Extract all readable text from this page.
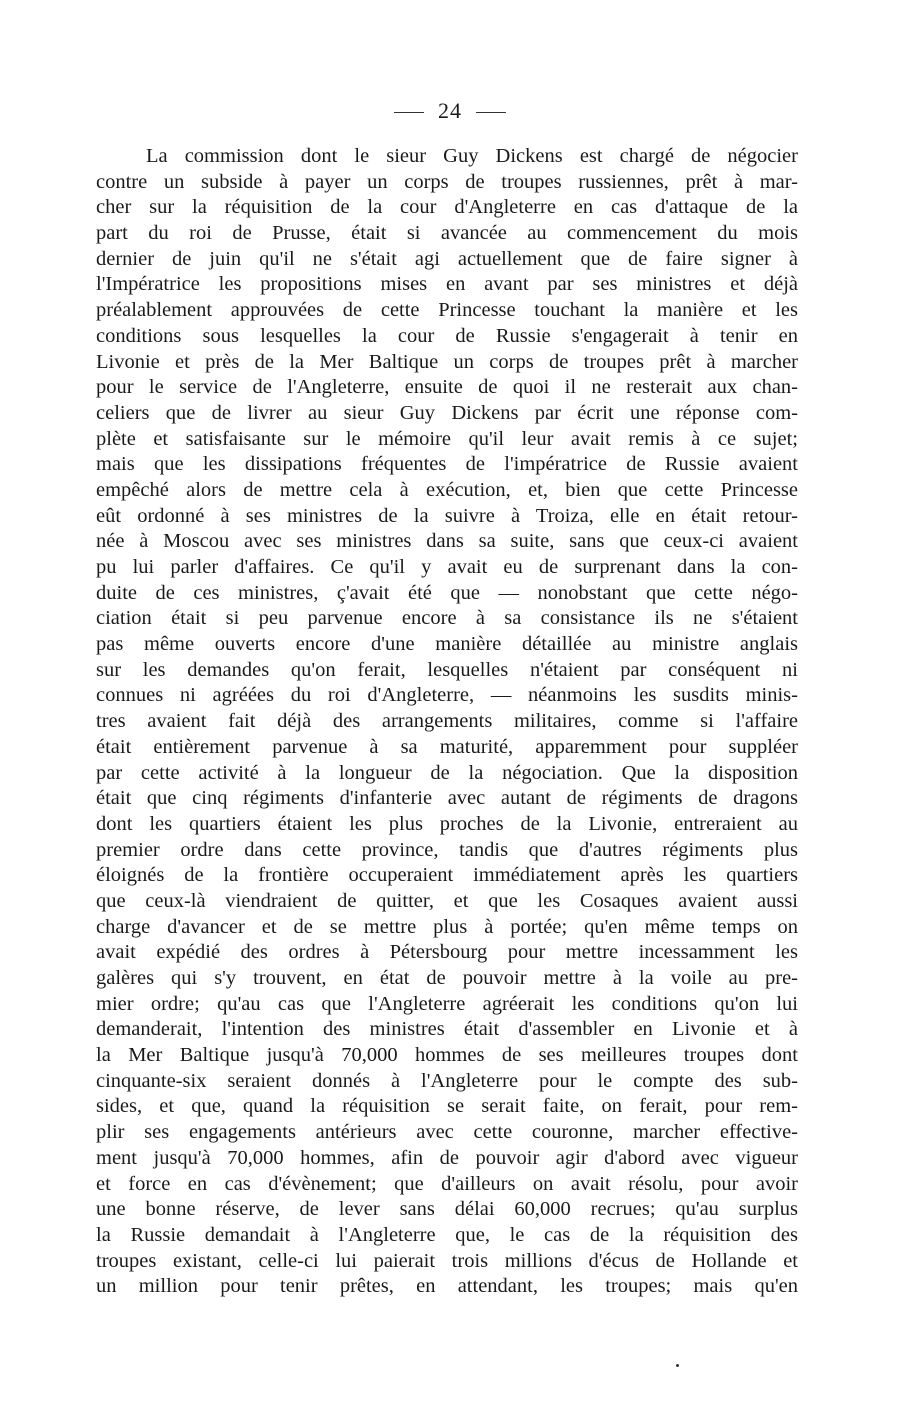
24
La commission dont le sieur Guy Dickens est chargé de négocier
contre un subside à payer un corps de troupes russiennes, prêt à mar-
cher sur la réquisition de la cour d'Angleterre en cas d'attaque de la
part du roi de Prusse, était si avancée au commencement du mois
dernier de juin qu'il ne s'était agi actuellement que de faire signer à
l'Impératrice les propositions mises en avant par ses ministres et déjà
préalablement approuvées de cette Princesse touchant la manière et les
conditions sous lesquelles la cour de Russie s'engagerait à tenir en
Livonie et près de la Mer Baltique un corps de troupes prêt à marcher
pour le service de l'Angleterre, ensuite de quoi il ne resterait aux chan-
celiers que de livrer au sieur Guy Dickens par écrit une réponse com-
plète et satisfaisante sur le mémoire qu'il leur avait remis à ce sujet;
mais que les dissipations fréquentes de l'impératrice de Russie avaient
empêché alors de mettre cela à exécution, et, bien que cette Princesse
eût ordonné à ses ministres de la suivre à Troiza, elle en était retour-
née à Moscou avec ses ministres dans sa suite, sans que ceux-ci avaient
pu lui parler d'affaires. Ce qu'il y avait eu de surprenant dans la con-
duite de ces ministres, ç'avait été que — nonobstant que cette négo-
ciation était si peu parvenue encore à sa consistance ils ne s'étaient
pas même ouverts encore d'une manière détaillée au ministre anglais
sur les demandes qu'on ferait, lesquelles n'étaient par conséquent ni
connues ni agréées du roi d'Angleterre, — néanmoins les susdits minis-
tres avaient fait déjà des arrangements militaires, comme si l'affaire
était entièrement parvenue à sa maturité, apparemment pour suppléer
par cette activité à la longueur de la négociation. Que la disposition
était que cinq régiments d'infanterie avec autant de régiments de dragons
dont les quartiers étaient les plus proches de la Livonie, entreraient au
premier ordre dans cette province, tandis que d'autres régiments plus
éloignés de la frontière occuperaient immédiatement après les quartiers
que ceux-là viendraient de quitter, et que les Cosaques avaient aussi
charge d'avancer et de se mettre plus à portée; qu'en même temps on
avait expédié des ordres à Pétersbourg pour mettre incessamment les
galères qui s'y trouvent, en état de pouvoir mettre à la voile au pre-
mier ordre; qu'au cas que l'Angleterre agréerait les conditions qu'on lui
demanderait, l'intention des ministres était d'assembler en Livonie et à
la Mer Baltique jusqu'à 70,000 hommes de ses meilleures troupes dont
cinquante-six seraient donnés à l'Angleterre pour le compte des sub-
sides, et que, quand la réquisition se serait faite, on ferait, pour rem-
plir ses engagements antérieurs avec cette couronne, marcher effective-
ment jusqu'à 70,000 hommes, afin de pouvoir agir d'abord avec vigueur
et force en cas d'évènement; que d'ailleurs on avait résolu, pour avoir
une bonne réserve, de lever sans délai 60,000 recrues; qu'au surplus
la Russie demandait à l'Angleterre que, le cas de la réquisition des
troupes existant, celle-ci lui paierait trois millions d'écus de Hollande et
un million pour tenir prêtes, en attendant, les troupes; mais qu'en
